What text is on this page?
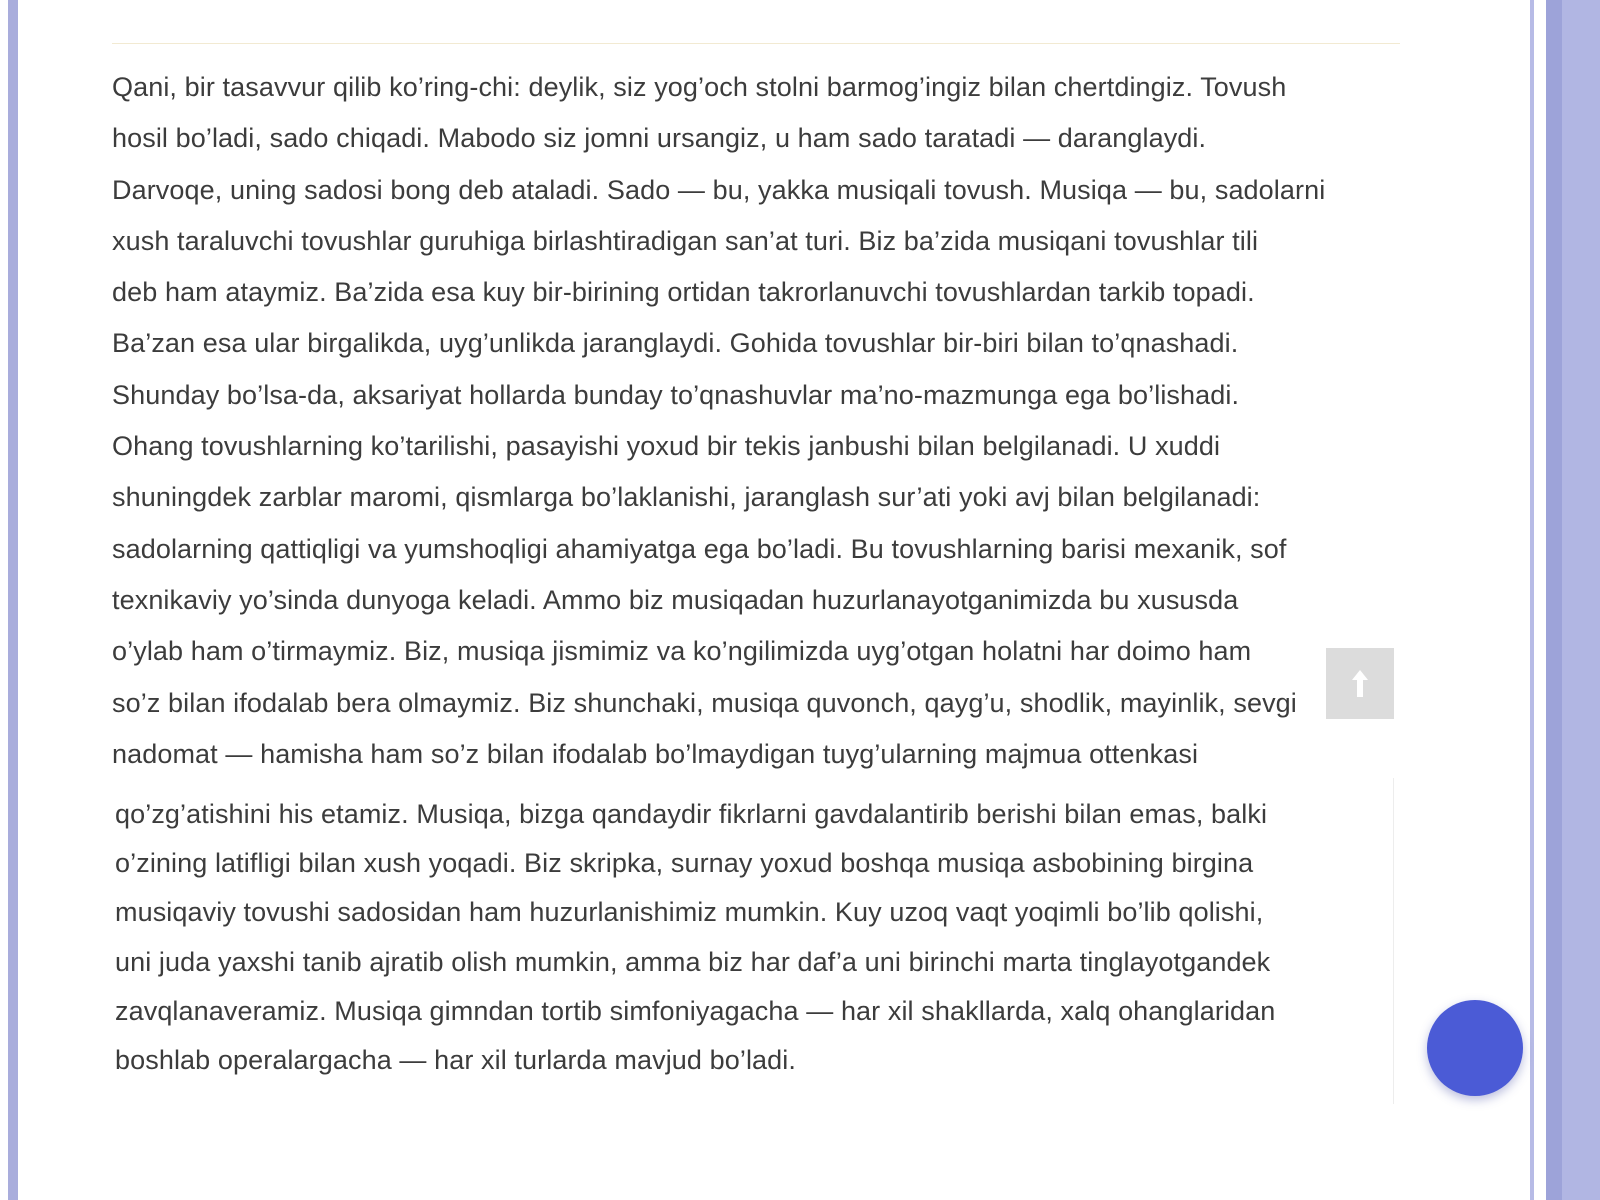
Qani, bir tasavvur qilib ko’ring-chi: deylik, siz yog’och stolni barmog’ingiz bilan chertdingiz. Tovush
hosil bo’ladi, sado chiqadi. Mabodo siz jomni ursangiz, u ham sado taratadi — daranglaydi.
Darvoqe, uning sadosi bong deb ataladi. Sado — bu, yakka musiqali tovush. Musiqa — bu, sadolarni
xush taraluvchi tovushlar guruhiga birlashtiradigan san’at turi. Biz ba’zida musiqani tovushlar tili
deb ham ataymiz. Ba’zida esa kuy bir-birining ortidan takrorlanuvchi tovushlardan tarkib topadi.
Ba’zan esa ular birgalikda, uyg’unlikda jaranglaydi. Gohida tovushlar bir-biri bilan to’qnashadi.
Shunday bo’lsa-da, aksariyat hollarda bunday to’qnashuvlar ma’no-mazmunga ega bo’lishadi.
Ohang tovushlarning ko’tarilishi, pasayishi yoxud bir tekis janbushi bilan belgilanadi. U xuddi
shuningdek zarblar maromi, qismlarga bo’laklanishi, jaranglash sur’ati yoki avj bilan belgilanadi:
sadolarning qattiqligi va yumshoqligi ahamiyatga ega bo’ladi. Bu tovushlarning barisi mexanik, sof
texnikaviy yo’sinda dunyoga keladi. Ammo biz musiqadan huzurlanayotganimizda bu xususda
o’ylab ham o’tirmaymiz. Biz, musiqa jismimiz va ko’ngilimizda uyg’otgan holatni har doimo ham
so’z bilan ifodalab bera olmaymiz. Biz shunchaki, musiqa quvonch, qayg’u, shodlik, mayinlik, sevgi
nadomat — hamisha ham so’z bilan ifodalab bo’lmaydigan tuyg’ularning majmua ottenkasi

qo’zg’atishini his etamiz. Musiqa, bizga qandaydir fikrlarni gavdalantirib berishi bilan emas, balki
o’zining latifligi bilan xush yoqadi. Biz skripka, surnay yoxud boshqa musiqa asbobining birgina
musiqaviy tovushi sadosidan ham huzurlanishimiz mumkin. Kuy uzoq vaqt yoqimli bo’lib qolishi,
uni juda yaxshi tanib ajratib olish mumkin, amma biz har daf’a uni birinchi marta tinglayotgandek
zavqlanaveramiz. Musiqa gimndan tortib simfoniyagacha — har xil shakllarda, xalq ohanglaridan
boshlab operalargacha — har xil turlarda mavjud bo’ladi.
